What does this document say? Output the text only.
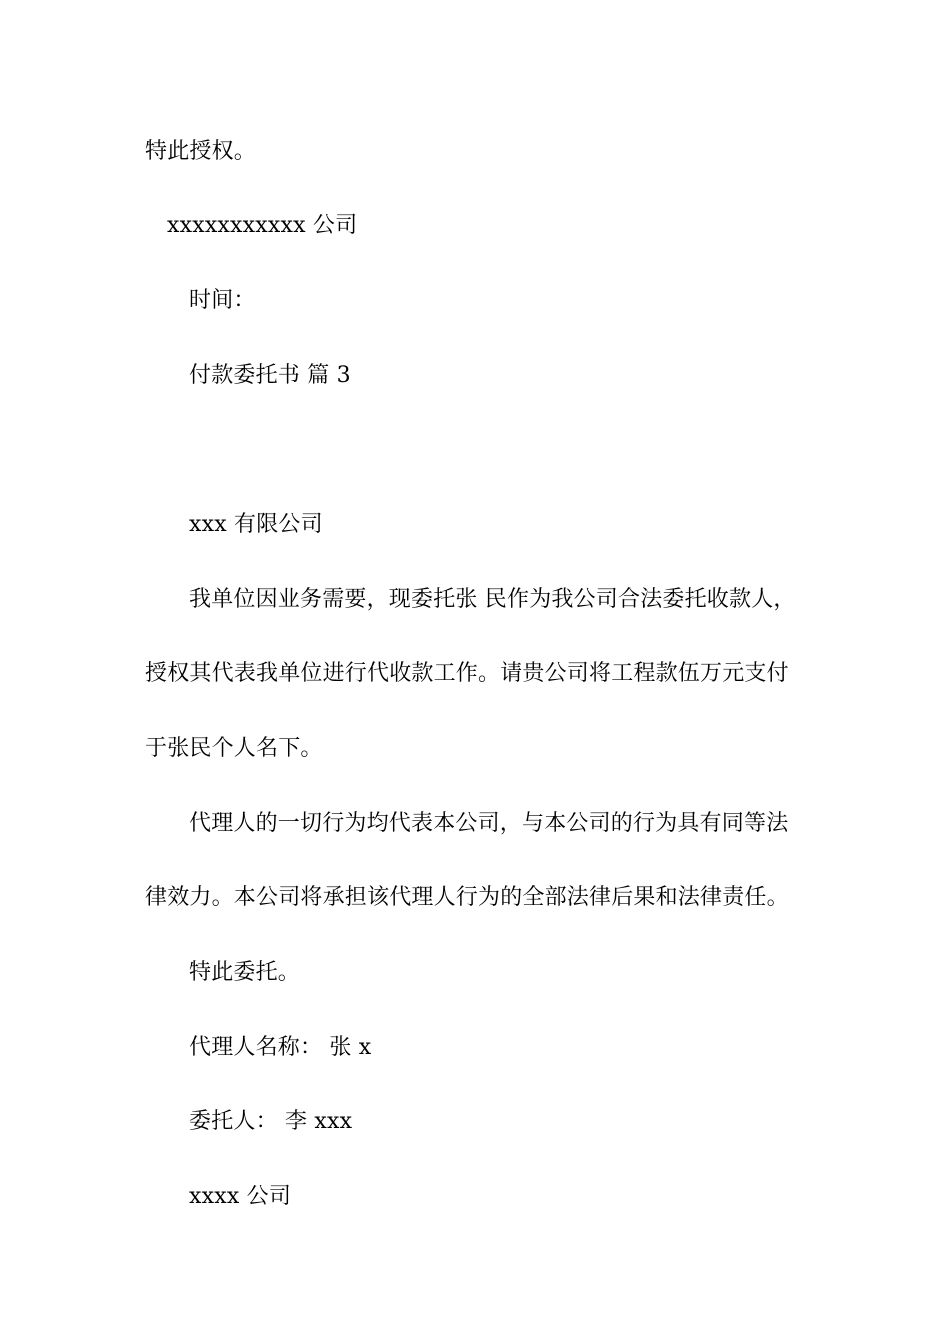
特此授权。
xxxxxxxxxxx 公司
时间：
付款委托书 篇 3
xxx 有限公司
我单位因业务需要，现委托张 民作为我公司合法委托收款人，
授权其代表我单位进行代收款工作。请贵公司将工程款伍万元支付
于张民个人名下。
代理人的一切行为均代表本公司，与本公司的行为具有同等法
律效力。本公司将承担该代理人行为的全部法律后果和法律责任。
特此委托。
代理人名称： 张 x
委托人： 李 xxx
xxxx 公司
